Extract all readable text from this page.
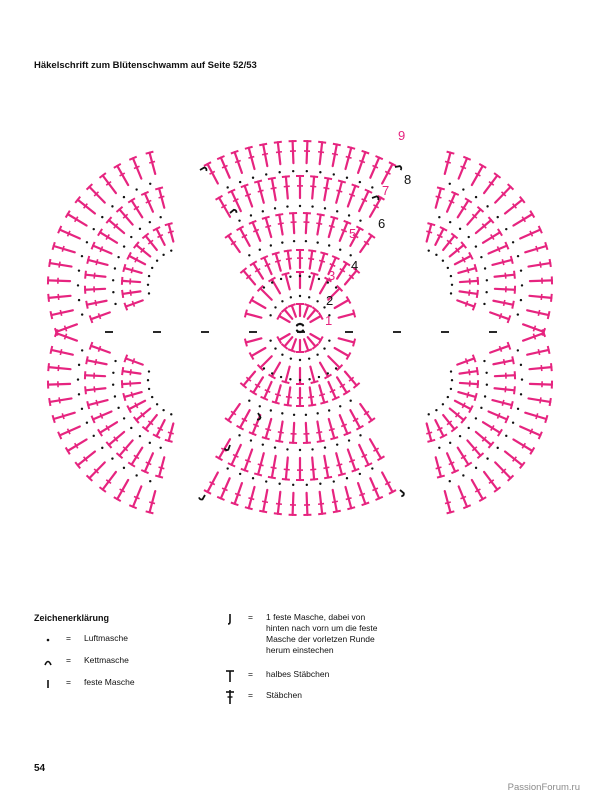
Häkelschrift zum Blütenschwamm auf Seite 52/53
1
2
3
4
5
6
7
8
9
Zeichenerklärung
= Luftmasche
= Kettmasche
= feste Masche
= 1 feste Masche, dabei von
hinten nach vorn um die feste
Masche der vorletzen Runde
herum einstechen
= halbes Stäbchen
= Stäbchen
54
PassionForum.ru
